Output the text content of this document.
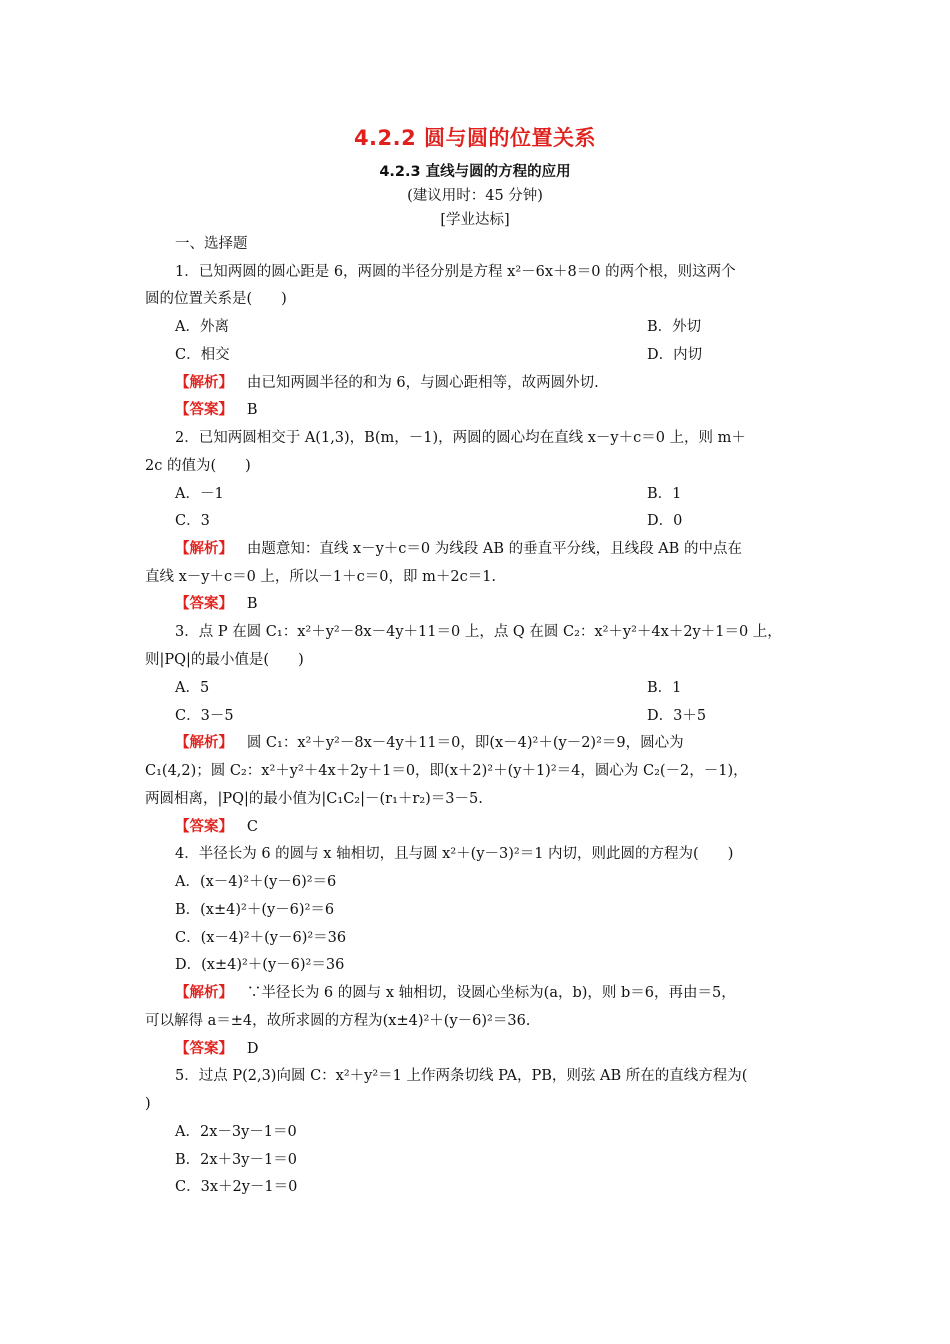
4.2.2 圆与圆的位置关系
4.2.3 直线与圆的方程的应用
(建议用时：45 分钟)
[学业达标]
一、选择题
1．已知两圆的圆心距是 6，两圆的半径分别是方程 x²－6x＋8＝0 的两个根，则这两个
圆的位置关系是(　　)
A．外离	B．外切
C．相交	D．内切
【解析】 由已知两圆半径的和为 6，与圆心距相等，故两圆外切.
【答案】 B
2．已知两圆相交于 A(1,3)，B(m，－1)，两圆的圆心均在直线 x－y＋c＝0 上，则 m＋
2c 的值为(　　)
A．－1	B．1
C．3	D．0
【解析】 由题意知：直线 x－y＋c＝0 为线段 AB 的垂直平分线，且线段 AB 的中点在
直线 x－y＋c＝0 上，所以－1＋c＝0，即 m＋2c＝1.
【答案】 B
3．点 P 在圆 C₁：x²＋y²－8x－4y＋11＝0 上，点 Q 在圆 C₂：x²＋y²＋4x＋2y＋1＝0 上，
则|PQ|的最小值是(　　)
A．5	B．1
C．3－5	D．3＋5
【解析】 圆 C₁：x²＋y²－8x－4y＋11＝0，即(x－4)²＋(y－2)²＝9，圆心为
C₁(4,2)；圆 C₂：x²＋y²＋4x＋2y＋1＝0，即(x＋2)²＋(y＋1)²＝4，圆心为 C₂(－2，－1)，
两圆相离，|PQ|的最小值为|C₁C₂|－(r₁＋r₂)＝3－5.
【答案】 C
4．半径长为 6 的圆与 x 轴相切，且与圆 x²＋(y－3)²＝1 内切，则此圆的方程为(　　)
A．(x－4)²＋(y－6)²＝6
B．(x±4)²＋(y－6)²＝6
C．(x－4)²＋(y－6)²＝36
D．(x±4)²＋(y－6)²＝36
【解析】 ∵半径长为 6 的圆与 x 轴相切，设圆心坐标为(a，b)，则 b＝6，再由＝5，
可以解得 a＝±4，故所求圆的方程为(x±4)²＋(y－6)²＝36.
【答案】 D
5．过点 P(2,3)向圆 C：x²＋y²＝1 上作两条切线 PA，PB，则弦 AB 所在的直线方程为(
)
A．2x－3y－1＝0
B．2x＋3y－1＝0
C．3x＋2y－1＝0
